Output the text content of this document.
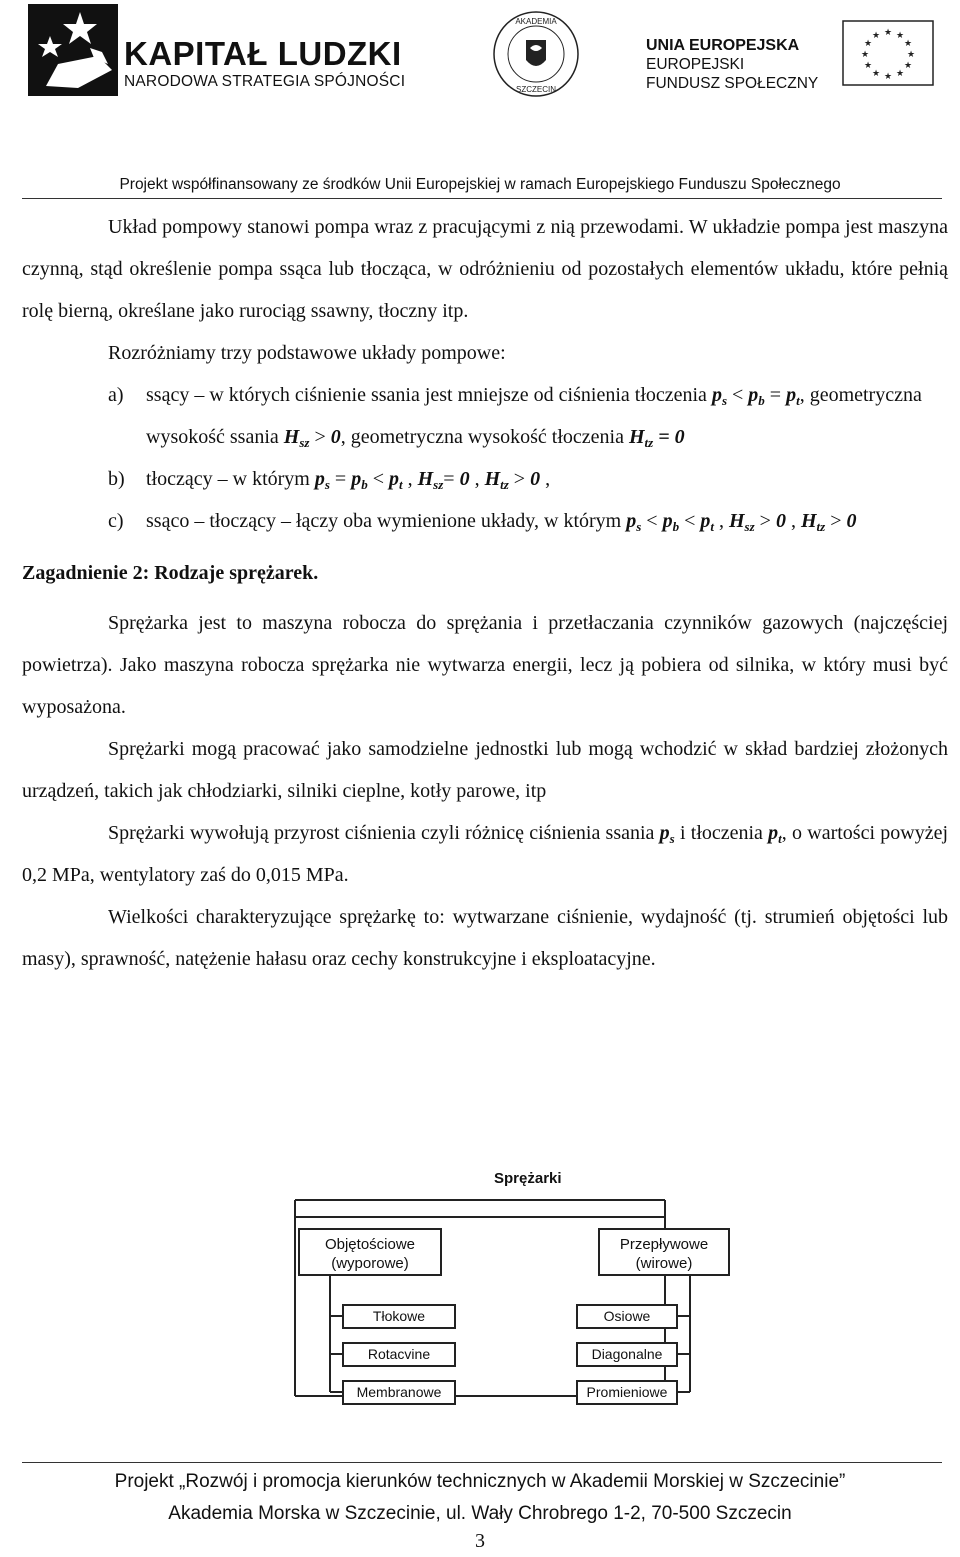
KAPITAŁ LUDZKI
NARODOWA STRATEGIA SPÓJNOŚCI
AKADEMIA
SZCZECIN
UNIA EUROPEJSKA
EUROPEJSKI
FUNDUSZ SPOŁECZNY
★ ★
★
★
★
★
★
★
★
★
★
★
Projekt współfinansowany ze środków Unii Europejskiej w ramach Europejskiego Funduszu Społecznego

Układ pompowy stanowi pompa wraz z pracującymi z nią przewodami. W układzie pompa jest maszyna czynną, stąd określenie pompa ssąca lub tłocząca, w odróżnieniu od pozostałych elementów układu, które pełnią rolę bierną, określane jako rurociąg ssawny, tłoczny itp.

Rozróżniamy trzy podstawowe układy pompowe:

a) ssący – w których ciśnienie ssania jest mniejsze od ciśnienia tłoczenia $p_s < p_b = p_t$, geometryczna wysokość ssania $H_{sz} > 0$, geometryczna wysokość tłoczenia $H_{tz} = 0$

b) tłoczący – w którym $p_s = p_b < p_t$ , $H_{sz}= 0$ , $H_{tz} > 0$ ,

c) ssąco – tłoczący – łączy oba wymienione układy, w którym $p_s < p_b < p_t$ , $H_{sz} > 0$ , $H_{tz} > 0$

Zagadnienie 2: Rodzaje sprężarek.

Sprężarka jest to maszyna robocza do sprężania i przetłaczania czynników gazowych (najczęściej powietrza). Jako maszyna robocza sprężarka nie wytwarza energii, lecz ją pobiera od silnika, w który musi być wyposażona.

Sprężarki mogą pracować jako samodzielne jednostki lub mogą wchodzić w skład bardziej złożonych urządzeń, takich jak chłodziarki, silniki cieplne, kotły parowe, itp

Sprężarki wywołują przyrost ciśnienia czyli różnicę ciśnienia ssania $p_s$ i tłoczenia $p_t$, o wartości powyżej 0,2 MPa, wentylatory zaś do 0,015 MPa.

Wielkości charakteryzujące sprężarkę to: wytwarzane ciśnienie, wydajność (tj. strumień objętości lub masy), sprawność, natężenie hałasu oraz cechy konstrukcyjne i eksploatacyjne.

Sprężarki
Objętościowe
(wyporowe)
Przepływowe
(wirowe)
Tłokowe
Rotacvine
Membranowe
Osiowe
Diagonalne
Promieniowe
Projekt „Rozwój i promocja kierunków technicznych w Akademii Morskiej w Szczecinie”
Akademia Morska w Szczecinie, ul. Wały Chrobrego 1-2, 70-500 Szczecin
3
